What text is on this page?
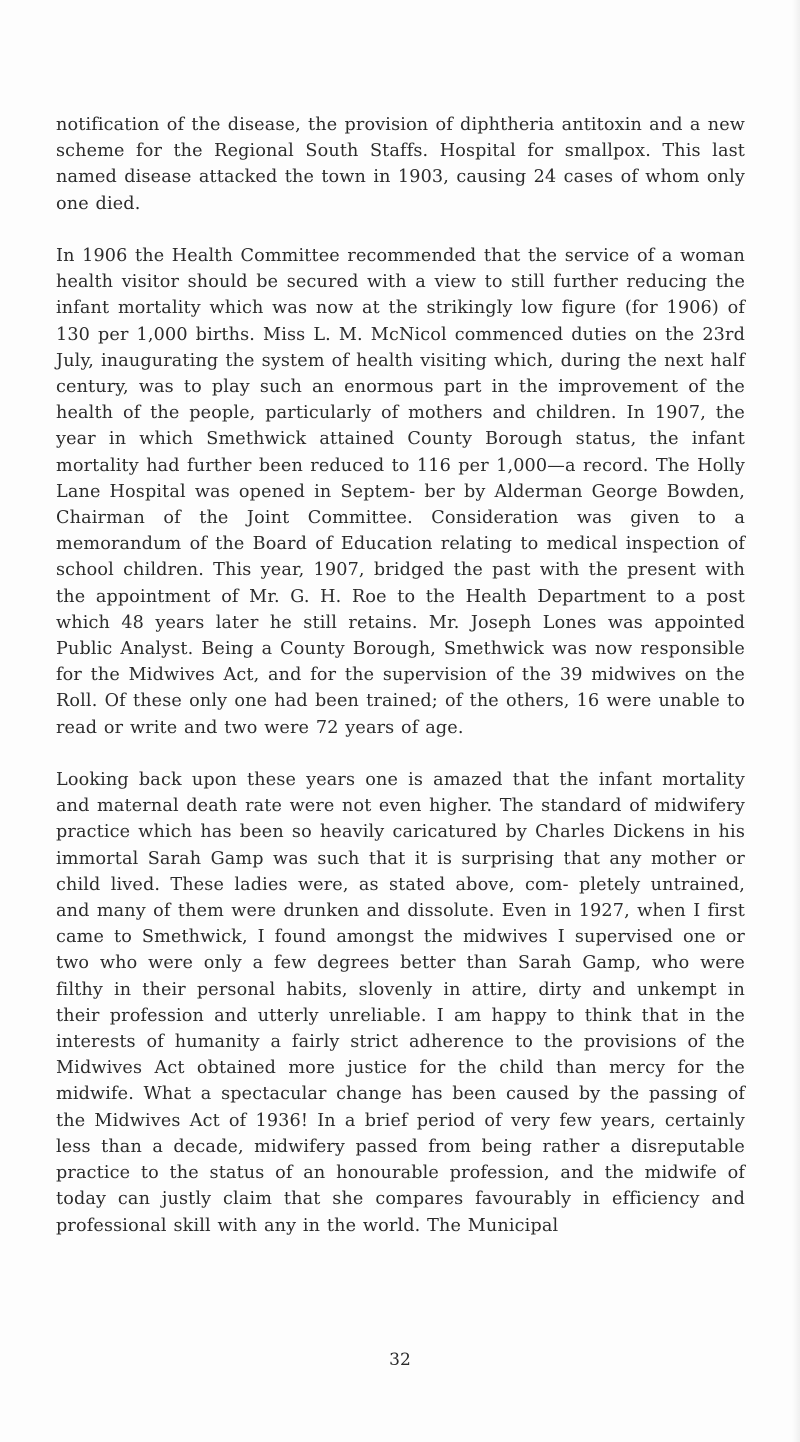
notification of the disease, the provision of diphtheria antitoxin and a new scheme for the Regional South Staffs. Hospital for smallpox. This last named disease attacked the town in 1903, causing 24 cases of whom only one died.

In 1906 the Health Committee recommended that the service of a woman health visitor should be secured with a view to still further reducing the infant mortality which was now at the strikingly low figure (for 1906) of 130 per 1,000 births. Miss L. M. McNicol commenced duties on the 23rd July, inaugurating the system of health visiting which, during the next half century, was to play such an enormous part in the improvement of the health of the people, particularly of mothers and children. In 1907, the year in which Smethwick attained County Borough status, the infant mortality had further been reduced to 116 per 1,000—a record. The Holly Lane Hospital was opened in Septem- ber by Alderman George Bowden, Chairman of the Joint Committee. Consideration was given to a memorandum of the Board of Education relating to medical inspection of school children. This year, 1907, bridged the past with the present with the appointment of Mr. G. H. Roe to the Health Department to a post which 48 years later he still retains. Mr. Joseph Lones was appointed Public Analyst. Being a County Borough, Smethwick was now responsible for the Midwives Act, and for the supervision of the 39 midwives on the Roll. Of these only one had been trained; of the others, 16 were unable to read or write and two were 72 years of age.

Looking back upon these years one is amazed that the infant mortality and maternal death rate were not even higher. The standard of midwifery practice which has been so heavily caricatured by Charles Dickens in his immortal Sarah Gamp was such that it is surprising that any mother or child lived. These ladies were, as stated above, com- pletely untrained, and many of them were drunken and dissolute. Even in 1927, when I first came to Smethwick, I found amongst the midwives I supervised one or two who were only a few degrees better than Sarah Gamp, who were filthy in their personal habits, slovenly in attire, dirty and unkempt in their profession and utterly unreliable. I am happy to think that in the interests of humanity a fairly strict adherence to the provisions of the Midwives Act obtained more justice for the child than mercy for the midwife. What a spectacular change has been caused by the passing of the Midwives Act of 1936! In a brief period of very few years, certainly less than a decade, midwifery passed from being rather a disreputable practice to the status of an honourable profession, and the midwife of today can justly claim that she compares favourably in efficiency and professional skill with any in the world. The Municipal

32
